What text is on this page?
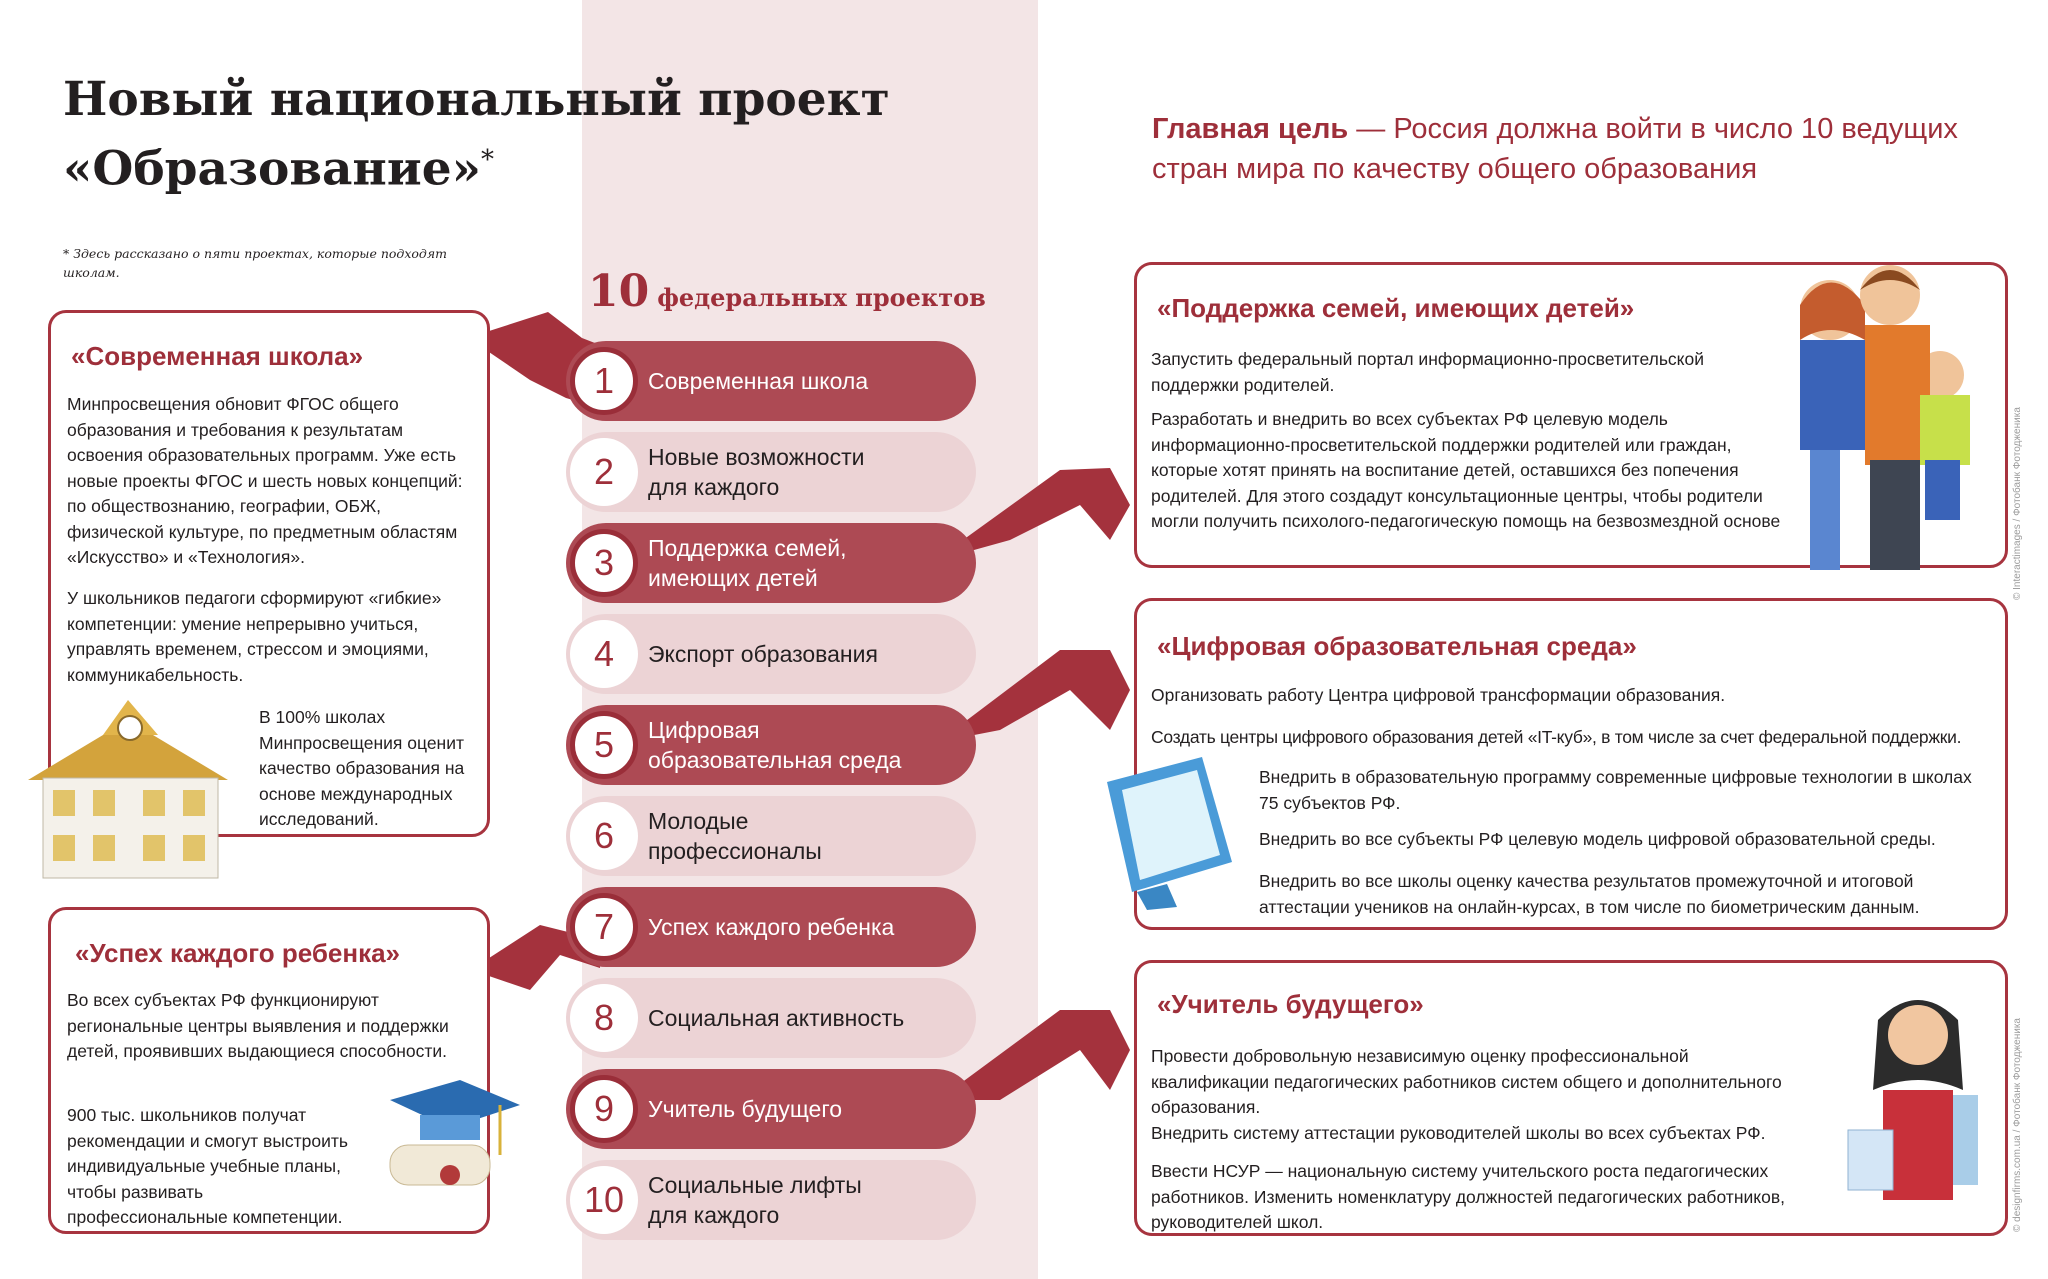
Новый национальный проект
«Образование»*
* Здесь рассказано о пяти проектах, которые подходят школам.
Главная цель — Россия должна войти в число 10 ведущих стран мира по качеству общего образования
10 федеральных проектов
1	Современная школа
2	Новые возможности для каждого
3	Поддержка семей, имеющих детей
4	Экспорт образования
5	Цифровая образовательная среда
6	Молодые профессионалы
7	Успех каждого ребенка
8	Социальная активность
9	Учитель будущего
10	Социальные лифты для каждого
«Современная школа»

Минпросвещения обновит ФГОС общего образования и требования к результатам освоения образовательных программ. Уже есть новые проекты ФГОС и шесть новых концепций: по обществознанию, географии, ОБЖ, физической культуре, по предметным областям «Искусство» и «Технология».

У школьников педагоги сформируют «гибкие» компетенции: умение непрерывно учиться, управлять временем, стрессом и эмоциями, коммуникабельность.

В 100% школах Минпросвещения оценит качество образования на основе международных исследований.

«Успех каждого ребенка»

Во всех субъектах РФ функционируют региональные центры выявления и поддержки детей, проявивших выдающиеся способности.

900 тыс. школьников получат рекомендации и смогут выстроить индивидуальные учебные планы, чтобы развивать профессиональные компетенции.

«Поддержка семей, имеющих детей»

Запустить федеральный портал информационно-просветительской поддержки родителей.

Разработать и внедрить во всех субъектах РФ целевую модель информационно-просветительской поддержки родителей или граждан, которые хотят принять на воспитание детей, оставшихся без попечения родителей. Для этого создадут консультационные центры, чтобы родители могли получить психолого-педагогическую помощь на безвозмездной основе

«Цифровая образовательная среда»

Организовать работу Центра цифровой трансформации образования.

Создать центры цифрового образования детей «IT-куб», в том числе за счет федеральной поддержки.

Внедрить в образовательную программу современные цифровые технологии в школах 75 субъектов РФ.

Внедрить во все субъекты РФ целевую модель цифровой образовательной среды.

Внедрить во все школы оценку качества результатов промежуточной и итоговой аттестации учеников на онлайн-курсах, в том числе по биометрическим данным.

«Учитель будущего»

Провести добровольную независимую оценку профессиональной квалификации педагогических работников систем общего и дополнительного образования.

Внедрить систему аттестации руководителей школы во всех субъектах РФ.

Ввести НСУР — национальную систему учительского роста педагогических работников. Изменить номенклатуру должностей педагогических работников, руководителей школ.

© Interactimages / Фотобанк Фотодженика
© designfirms.com.ua / Фотобанк Фотодженика
